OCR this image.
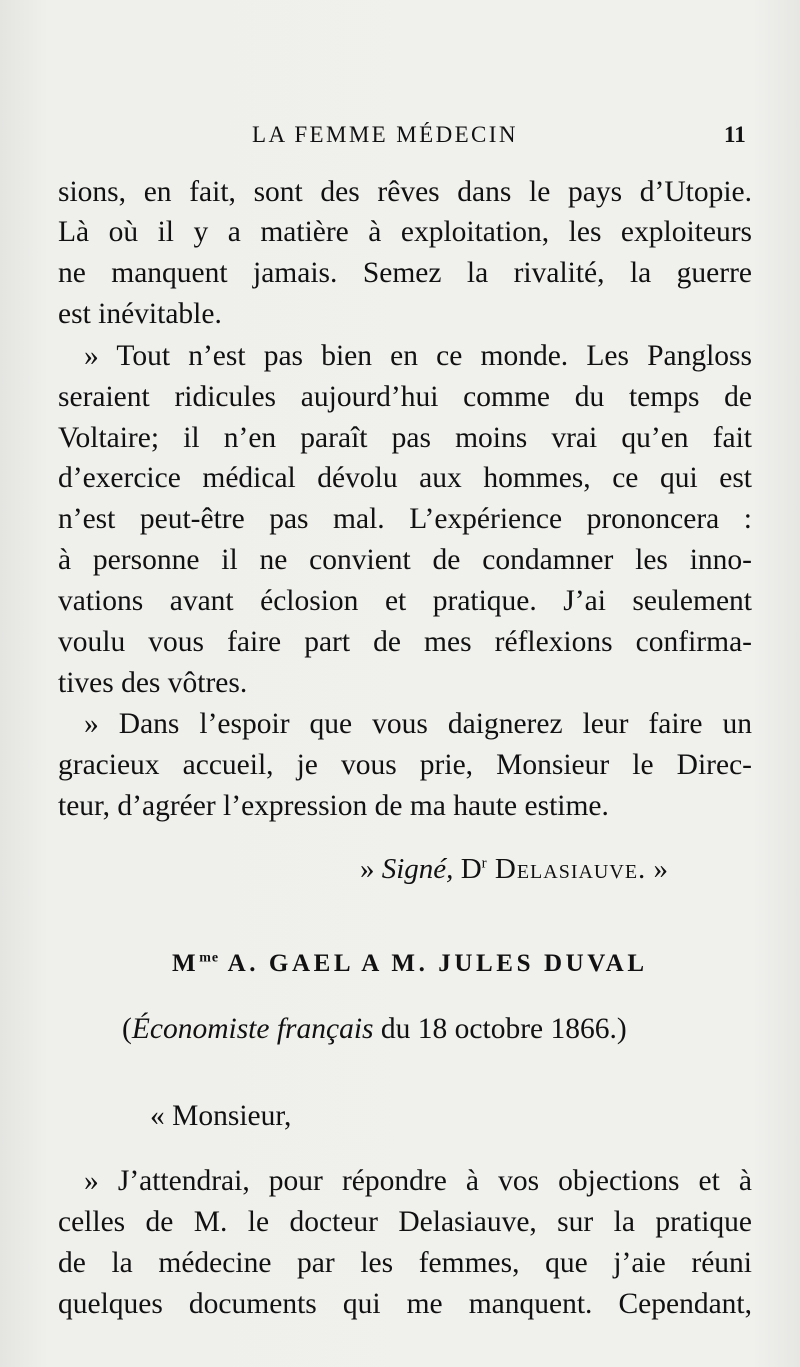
LA FEMME MÉDECIN	11
sions, en fait, sont des rêves dans le pays d’Utopie.
Là où il y a matière à exploitation, les exploiteurs
ne manquent jamais. Semez la rivalité, la guerre
est inévitable.
» Tout n’est pas bien en ce monde. Les Pangloss
seraient ridicules aujourd’hui comme du temps de
Voltaire; il n’en paraît pas moins vrai qu’en fait
d’exercice médical dévolu aux hommes, ce qui est
n’est peut-être pas mal. L’expérience prononcera :
à personne il ne convient de condamner les inno-
vations avant éclosion et pratique. J’ai seulement
voulu vous faire part de mes réflexions confirma-
tives des vôtres.
» Dans l’espoir que vous daignerez leur faire un
gracieux accueil, je vous prie, Monsieur le Direc-
teur, d’agréer l’expression de ma haute estime.
» Signé, $D^r$ Delasiauve. »
$M^{me}$ A. GAEL A M. JULES DUVAL
(Économiste français du 18 octobre 1866.)
« Monsieur,
» J’attendrai, pour répondre à vos objections et à
celles de M. le docteur Delasiauve, sur la pratique
de la médecine par les femmes, que j’aie réuni
quelques documents qui me manquent. Cependant,
